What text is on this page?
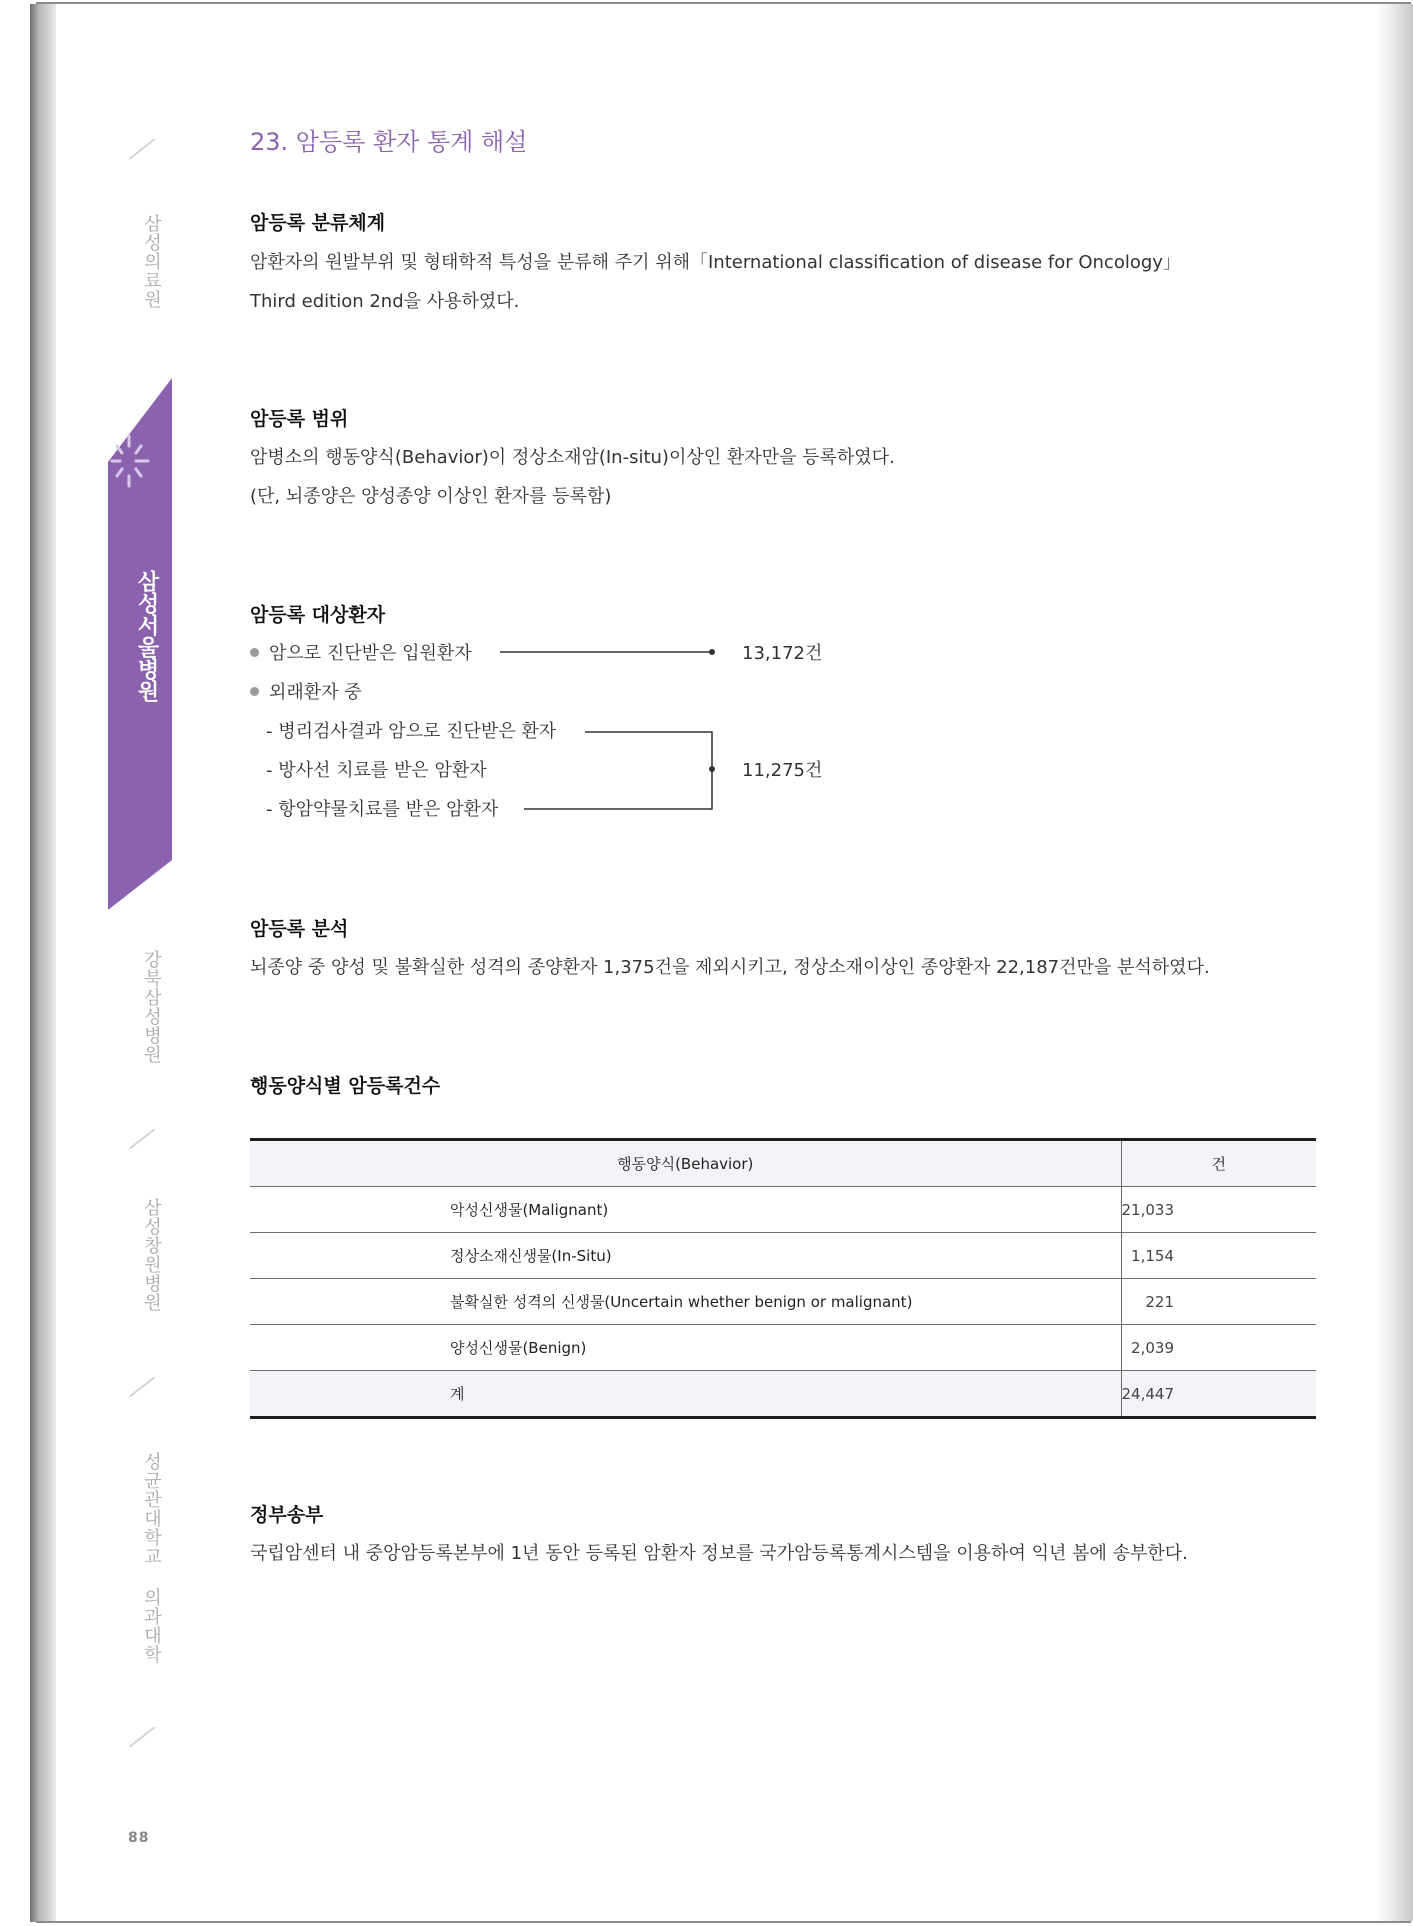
삼성의료원
삼성서울병원
강북삼성병원
삼성창원병원
성균관대학교 의과대학
88
23. 암등록 환자 통계 해설
암등록 분류체계
암환자의 원발부위 및 형태학적 특성을 분류해 주기 위해「International classification of disease for Oncology」
Third edition 2nd을 사용하였다.
암등록 범위
암병소의 행동양식(Behavior)이 정상소재암(In-situ)이상인 환자만을 등록하였다.
(단, 뇌종양은 양성종양 이상인 환자를 등록함)
암등록 대상환자
암으로 진단받은 입원환자	13,172건
외래환자 중
- 병리검사결과 암으로 진단받은 환자
- 방사선 치료를 받은 암환자
- 항암약물치료를 받은 암환자
11,275건
암등록 분석
뇌종양 중 양성 및 불확실한 성격의 종양환자 1,375건을 제외시키고, 정상소재이상인 종양환자 22,187건만을 분석하였다.
행동양식별 암등록건수
행동양식(Behavior)	건
악성신생물(Malignant)	21,033
정상소재신생물(In-Situ)	1,154
불확실한 성격의 신생물(Uncertain whether benign or malignant)	221
양성신생물(Benign)	2,039
계	24,447
정부송부
국립암센터 내 중앙암등록본부에 1년 동안 등록된 암환자 정보를 국가암등록통계시스템을 이용하여 익년 봄에 송부한다.
